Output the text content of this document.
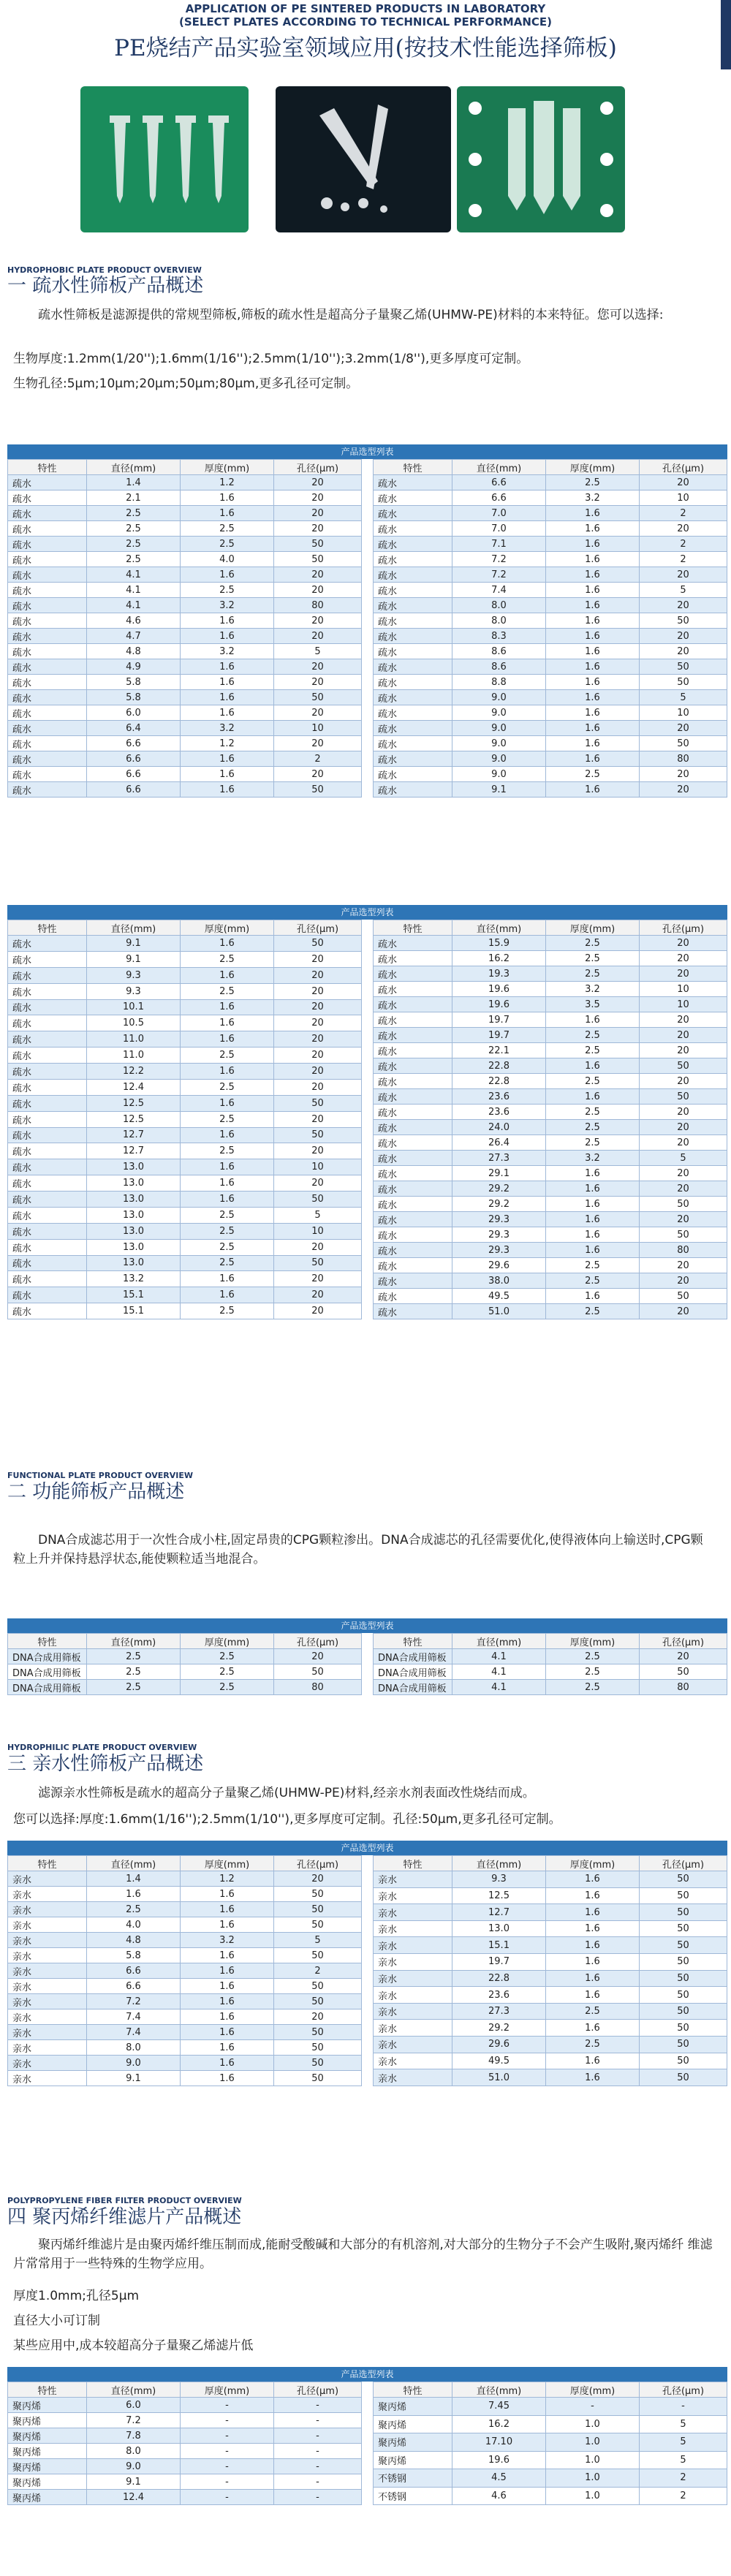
APPLICATION OF PE SINTERED PRODUCTS IN LABORATORY
(SELECT PLATES ACCORDING TO TECHNICAL PERFORMANCE)
PE烧结产品实验室领域应用(按技术性能选择筛板)
HYDROPHOBIC PLATE PRODUCT OVERVIEW
一 疏水性筛板产品概述
疏水性筛板是滤源提供的常规型筛板,筛板的疏水性是超高分子量聚乙烯(UHMW-PE)材料的本来特征。您可以选择:
生物厚度:1.2mm(1/20'');1.6mm(1/16'');2.5mm(1/10'');3.2mm(1/8''),更多厚度可定制。
生物孔径:5μm;10μm;20μm;50μm;80μm,更多孔径可定制。
产品选型列表
特性	直径(mm)	厚度(mm)	孔径(μm)
疏水	1.4	1.2	20
疏水	2.1	1.6	20
疏水	2.5	1.6	20
疏水	2.5	2.5	20
疏水	2.5	2.5	50
疏水	2.5	4.0	50
疏水	4.1	1.6	20
疏水	4.1	2.5	20
疏水	4.1	3.2	80
疏水	4.6	1.6	20
疏水	4.7	1.6	20
疏水	4.8	3.2	5
疏水	4.9	1.6	20
疏水	5.8	1.6	20
疏水	5.8	1.6	50
疏水	6.0	1.6	20
疏水	6.4	3.2	10
疏水	6.6	1.2	20
疏水	6.6	1.6	2
疏水	6.6	1.6	20
疏水	6.6	1.6	50
特性	直径(mm)	厚度(mm)	孔径(μm)
疏水	6.6	2.5	20
疏水	6.6	3.2	10
疏水	7.0	1.6	2
疏水	7.0	1.6	20
疏水	7.1	1.6	2
疏水	7.2	1.6	2
疏水	7.2	1.6	20
疏水	7.4	1.6	5
疏水	8.0	1.6	20
疏水	8.0	1.6	50
疏水	8.3	1.6	20
疏水	8.6	1.6	20
疏水	8.6	1.6	50
疏水	8.8	1.6	50
疏水	9.0	1.6	5
疏水	9.0	1.6	10
疏水	9.0	1.6	20
疏水	9.0	1.6	50
疏水	9.0	1.6	80
疏水	9.0	2.5	20
疏水	9.1	1.6	20
产品选型列表
特性	直径(mm)	厚度(mm)	孔径(μm)
疏水	9.1	1.6	50
疏水	9.1	2.5	20
疏水	9.3	1.6	20
疏水	9.3	2.5	20
疏水	10.1	1.6	20
疏水	10.5	1.6	20
疏水	11.0	1.6	20
疏水	11.0	2.5	20
疏水	12.2	1.6	20
疏水	12.4	2.5	20
疏水	12.5	1.6	50
疏水	12.5	2.5	20
疏水	12.7	1.6	50
疏水	12.7	2.5	20
疏水	13.0	1.6	10
疏水	13.0	1.6	20
疏水	13.0	1.6	50
疏水	13.0	2.5	5
疏水	13.0	2.5	10
疏水	13.0	2.5	20
疏水	13.0	2.5	50
疏水	13.2	1.6	20
疏水	15.1	1.6	20
疏水	15.1	2.5	20
特性	直径(mm)	厚度(mm)	孔径(μm)
疏水	15.9	2.5	20
疏水	16.2	2.5	20
疏水	19.3	2.5	20
疏水	19.6	3.2	10
疏水	19.6	3.5	10
疏水	19.7	1.6	20
疏水	19.7	2.5	20
疏水	22.1	2.5	20
疏水	22.8	1.6	50
疏水	22.8	2.5	20
疏水	23.6	1.6	50
疏水	23.6	2.5	20
疏水	24.0	2.5	20
疏水	26.4	2.5	20
疏水	27.3	3.2	5
疏水	29.1	1.6	20
疏水	29.2	1.6	20
疏水	29.2	1.6	50
疏水	29.3	1.6	20
疏水	29.3	1.6	50
疏水	29.3	1.6	80
疏水	29.6	2.5	20
疏水	38.0	2.5	20
疏水	49.5	1.6	50
疏水	51.0	2.5	20
FUNCTIONAL PLATE PRODUCT OVERVIEW
二 功能筛板产品概述
DNA合成滤芯用于一次性合成小柱,固定昂贵的CPG颗粒渗出。DNA合成滤芯的孔径需要优化,使得液体向上输送时,CPG颗粒上升并保持悬浮状态,能使颗粒适当地混合。
产品选型列表
特性	直径(mm)	厚度(mm)	孔径(μm)
DNA合成用筛板	2.5	2.5	20
DNA合成用筛板	2.5	2.5	50
DNA合成用筛板	2.5	2.5	80
特性	直径(mm)	厚度(mm)	孔径(μm)
DNA合成用筛板	4.1	2.5	20
DNA合成用筛板	4.1	2.5	50
DNA合成用筛板	4.1	2.5	80
HYDROPHILIC PLATE PRODUCT OVERVIEW
三 亲水性筛板产品概述
滤源亲水性筛板是疏水的超高分子量聚乙烯(UHMW-PE)材料,经亲水剂表面改性烧结而成。
您可以选择:厚度:1.6mm(1/16'');2.5mm(1/10''),更多厚度可定制。孔径:50μm,更多孔径可定制。
产品选型列表
特性	直径(mm)	厚度(mm)	孔径(μm)
亲水	1.4	1.2	20
亲水	1.6	1.6	50
亲水	2.5	1.6	50
亲水	4.0	1.6	50
亲水	4.8	3.2	5
亲水	5.8	1.6	50
亲水	6.6	1.6	2
亲水	6.6	1.6	50
亲水	7.2	1.6	50
亲水	7.4	1.6	20
亲水	7.4	1.6	50
亲水	8.0	1.6	50
亲水	9.0	1.6	50
亲水	9.1	1.6	50
特性	直径(mm)	厚度(mm)	孔径(μm)
亲水	9.3	1.6	50
亲水	12.5	1.6	50
亲水	12.7	1.6	50
亲水	13.0	1.6	50
亲水	15.1	1.6	50
亲水	19.7	1.6	50
亲水	22.8	1.6	50
亲水	23.6	1.6	50
亲水	27.3	2.5	50
亲水	29.2	1.6	50
亲水	29.6	2.5	50
亲水	49.5	1.6	50
亲水	51.0	1.6	50
POLYPROPYLENE FIBER FILTER PRODUCT OVERVIEW
四 聚丙烯纤维滤片产品概述
聚丙烯纤维滤片是由聚丙烯纤维压制而成,能耐受酸碱和大部分的有机溶剂,对大部分的生物分子不会产生吸附,聚丙烯纤 维滤片常常用于一些特殊的生物学应用。
厚度1.0mm;孔径5μm
直径大小可订制
某些应用中,成本较超高分子量聚乙烯滤片低
产品选型列表
特性	直径(mm)	厚度(mm)	孔径(μm)
聚丙烯	6.0	-	-
聚丙烯	7.2	-	-
聚丙烯	7.8	-	-
聚丙烯	8.0	-	-
聚丙烯	9.0	-	-
聚丙烯	9.1	-	-
聚丙烯	12.4	-	-
特性	直径(mm)	厚度(mm)	孔径(μm)
聚丙烯	7.45	-	-
聚丙烯	16.2	1.0	5
聚丙烯	17.10	1.0	5
聚丙烯	19.6	1.0	5
不锈钢	4.5	1.0	2
不锈钢	4.6	1.0	2
